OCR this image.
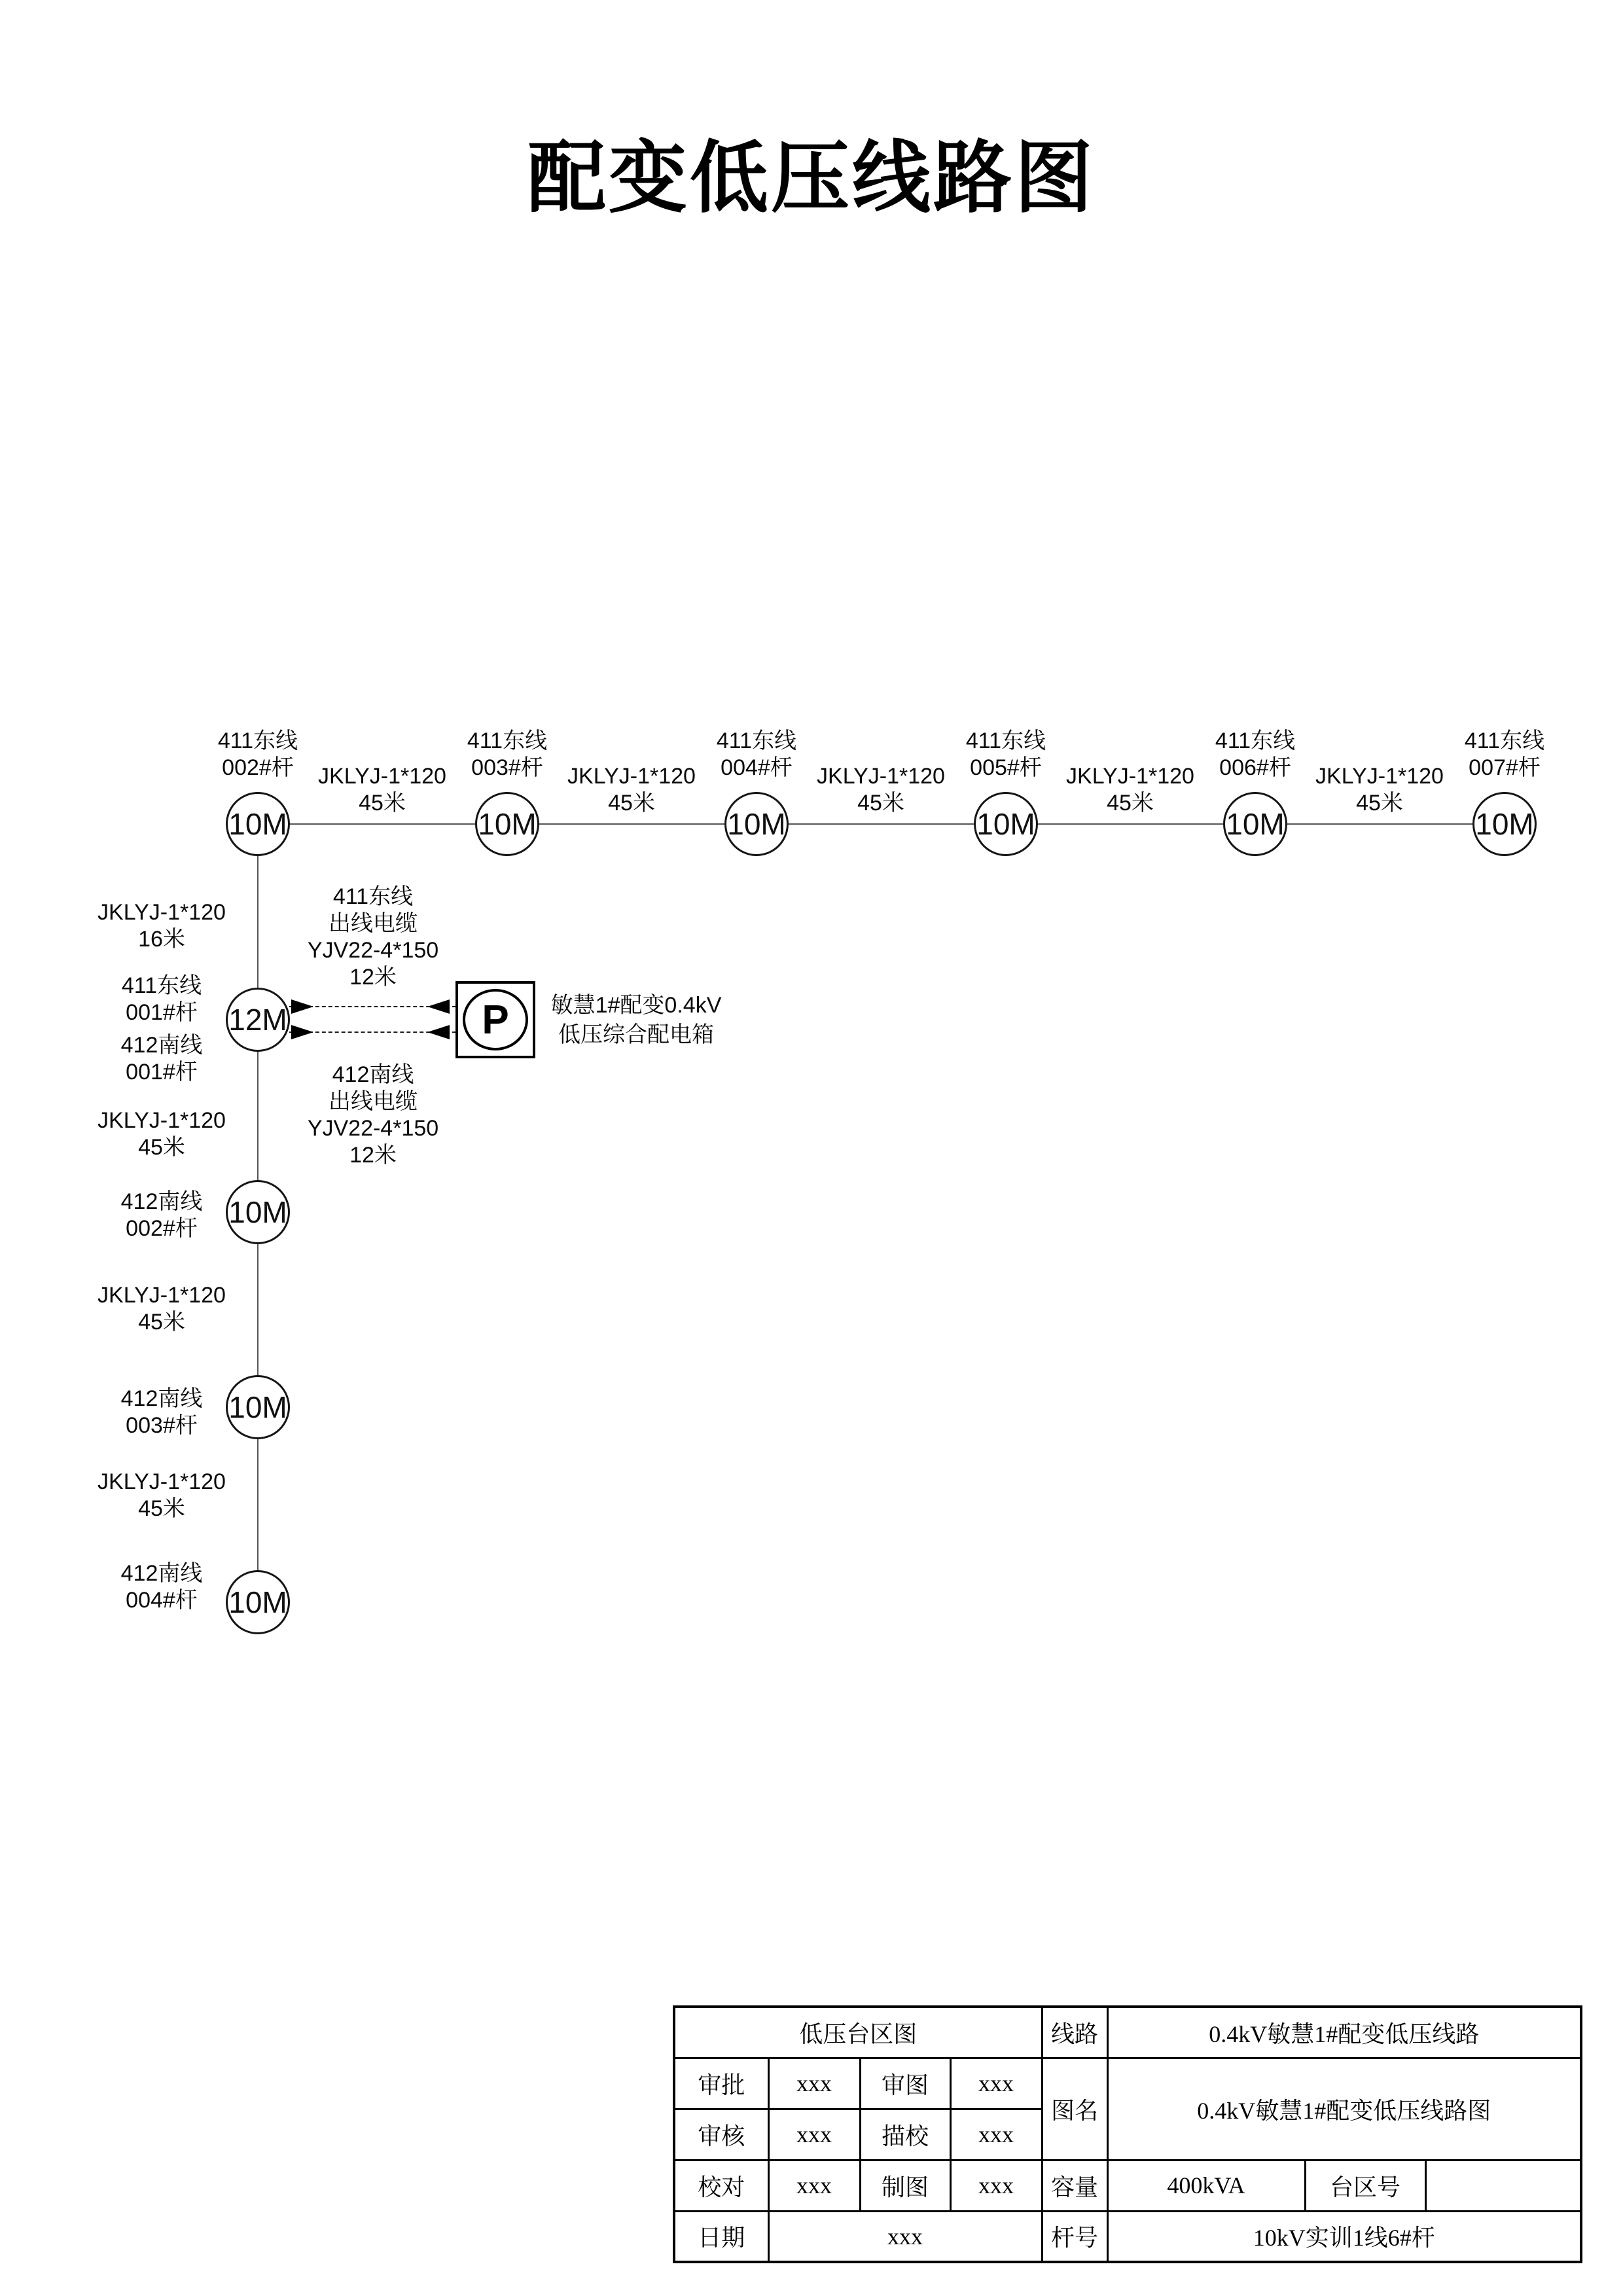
配变低压线路图
10M	10M	10M	10M	10M	10M
411东线
002#杆
411东线
003#杆
411东线
004#杆
411东线
005#杆
411东线
006#杆
411东线
007#杆
JKLYJ-1*120
45米
JKLYJ-1*120
45米
JKLYJ-1*120
45米
JKLYJ-1*120
45米
JKLYJ-1*120
45米
12M
10M
10M
10M
JKLYJ-1*120
16米
411东线
001#杆
412南线
001#杆
JKLYJ-1*120
45米
412南线
002#杆
JKLYJ-1*120
45米
412南线
003#杆
JKLYJ-1*120
45米
412南线
004#杆
411东线
出线电缆
YJV22-4*150
12米
412南线
出线电缆
YJV22-4*150
12米
P	敏慧1#配变0.4kV
低压综合配电箱
低压台区图				线路	0.4kV敏慧1#配变低压线路		
审批	xxx	审图	xxx	图名	0.4kV敏慧1#配变低压线路图		
审核	xxx	描校	xxx				
校对	xxx	制图	xxx	容量	400kVA	台区号	
日期	xxx			杆号	10kV实训1线6#杆		
